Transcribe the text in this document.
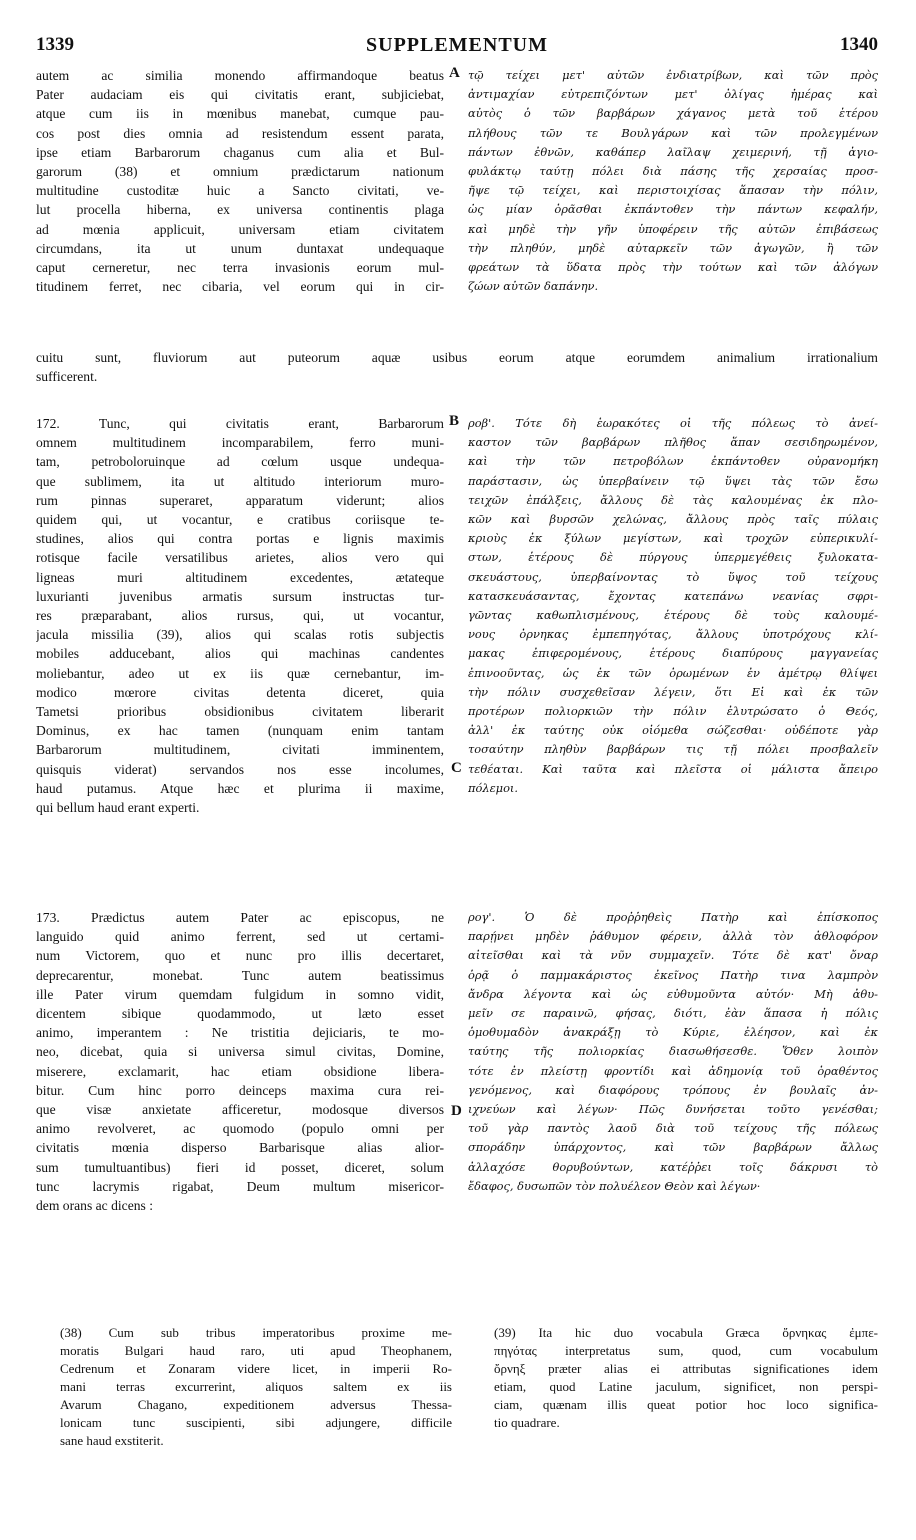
1339	SUPPLEMENTUM	1340
autem ac similia monendo affirmandoque beatus
Pater audaciam eis qui civitatis erant, subjiciebat,
atque cum iis in mœnibus manebat, cumque pau-
cos post dies omnia ad resistendum essent parata,
ipse etiam Barbarorum chaganus cum alia et Bul-
garorum (38) et omnium prædictarum nationum
multitudine custoditæ huic a Sancto civitati, ve-
lut procella hiberna, ex universa continentis plaga
ad mœnia applicuit, universam etiam civitatem
circumdans, ita ut unum duntaxat undequaque
caput cerneretur, nec terra invasionis eorum mul-
titudinem ferret, nec cibaria, vel eorum qui in cir-
A τῷ τείχει μετ' αὐτῶν ἐνδιατρίβων, καὶ τῶν πρὸς
ἀντιμαχίαν εὐτρεπιζόντων μετ' ὀλίγας ἡμέρας καὶ
αὐτὸς ὁ τῶν βαρβάρων χάγανος μετὰ τοῦ ἑτέρου
πλήθους τῶν τε Βουλγάρων καὶ τῶν προλεγμένων
πάντων ἐθνῶν, καθάπερ λαῖλαψ χειμερινή, τῇ ἁγιο-
φυλάκτῳ ταύτῃ πόλει διὰ πάσης τῆς χερσαίας προσ-
ῆψε τῷ τείχει, καὶ περιστοιχίσας ἅπασαν τὴν πόλιν,
ὡς μίαν ὁρᾶσθαι ἐκπάντοθεν τὴν πάντων κεφαλήν,
καὶ μηδὲ τὴν γῆν ὑποφέρειν τῆς αὐτῶν ἐπιβάσεως
τὴν πληθύν, μηδὲ αὐταρκεῖν τῶν ἀγωγῶν, ἢ τῶν
φρεάτων τὰ ὕδατα πρὸς τὴν τούτων καὶ τῶν ἀλόγων
ζώων αὐτῶν δαπάνην.
cuitu sunt, fluviorum aut puteorum aquæ usibus eorum atque eorumdem animalium irrationalium
sufficerent.
172. Tunc, qui civitatis erant, Barbarorum
omnem multitudinem incomparabilem, ferro muni-
tam, petroboloruinque ad cœlum usque undequa-
que sublimem, ita ut altitudo interiorum muro-
rum pinnas superaret, apparatum viderunt; alios
quidem qui, ut vocantur, e cratibus coriisque te-
studines, alios qui contra portas e lignis maximis
rotisque facile versatilibus arietes, alios vero qui
ligneas muri altitudinem excedentes, ætateque
luxurianti juvenibus armatis sursum instructas tur-
res præparabant, alios rursus, qui, ut vocantur,
jacula missilia (39), alios qui scalas rotis subjectis
mobiles adducebant, alios qui machinas candentes
moliebantur, adeo ut ex iis quæ cernebantur, im-
modico mœrore civitas detenta diceret, quia
Tametsi prioribus obsidionibus civitatem liberarit
Dominus, ex hac tamen (nunquam enim tantam
Barbarorum multitudinem, civitati imminentem,
quisquis viderat) servandos nos esse incolumes,
haud putamus. Atque hæc et plurima ii maxime,
qui bellum haud erant experti.
B
C
ροβ'. Τότε δὴ ἑωρακότες οἱ τῆς πόλεως τὸ ἀνεί-
καστον τῶν βαρβάρων πλῆθος ἅπαν σεσιδηρωμένον,
καὶ τὴν τῶν πετροβόλων ἐκπάντοθεν οὐρανομήκη
παράστασιν, ὡς ὑπερβαίνειν τῷ ὕψει τὰς τῶν ἔσω
τειχῶν ἐπάλξεις, ἄλλους δὲ τὰς καλουμένας ἐκ πλο-
κῶν καὶ βυρσῶν χελώνας, ἄλλους πρὸς ταῖς πύλαις
κριοὺς ἐκ ξύλων μεγίστων, καὶ τροχῶν εὐπερικυλί-
στων, ἑτέρους δὲ πύργους ὑπερμεγέθεις ξυλοκατα-
σκευάστους, ὑπερβαίνοντας τὸ ὕψος τοῦ τείχους
κατασκευάσαντας, ἔχοντας κατεπάνω νεανίας σφρι-
γῶντας καθωπλισμένους, ἑτέρους δὲ τοὺς καλουμέ-
νους ὀρνηκας ἐμπεπηγότας, ἄλλους ὑποτρόχους κλί-
μακας ἐπιφερομένους, ἑτέρους διαπύρους μαγγανείας
ἐπινοοῦντας, ὡς ἐκ τῶν ὁρωμένων ἐν ἀμέτρῳ θλίψει
τὴν πόλιν συσχεθεῖσαν λέγειν, ὅτι Εἰ καὶ ἐκ τῶν
προτέρων πολιορκιῶν τὴν πόλιν ἐλυτρώσατο ὁ Θεός,
ἀλλ' ἐκ ταύτης οὐκ οἰόμεθα σώζεσθαι· οὐδέποτε γὰρ
τοσαύτην πληθὺν βαρβάρων τις τῇ πόλει προσβαλεῖν
τεθέαται. Καὶ ταῦτα καὶ πλεῖστα οἱ μάλιστα ἄπειρο
πόλεμοι.
173. Prædictus autem Pater ac episcopus, ne
languido quid animo ferrent, sed ut certami-
num Victorem, quo et nunc pro illis decertaret,
deprecarentur, monebat. Tunc autem beatissimus
ille Pater virum quemdam fulgidum in somno vidit,
dicentem sibique quodammodo, ut læto esset
animo, imperantem : Ne tristitia dejiciaris, te mo-
neo, dicebat, quia si universa simul civitas, Domine,
miserere, exclamarit, hac etiam obsidione libera-
bitur. Cum hinc porro deinceps maxima cura rei-
que visæ anxietate afficeretur, modosque diversos
animo revolveret, ac quomodo (populo omni per
civitatis mœnia disperso Barbarisque alias alior-
sum tumultuantibus) fieri id posset, diceret, solum
tunc lacrymis rigabat, Deum multum misericor-
dem orans ac dicens :
D
ρογ'. Ὁ δὲ προῤῥηθεὶς Πατὴρ καὶ ἐπίσκοπος
παρῄνει μηδὲν ῥάθυμον φέρειν, ἀλλὰ τὸν ἀθλοφόρον
αἰτεῖσθαι καὶ τὰ νῦν συμμαχεῖν. Τότε δὲ κατ' ὄναρ
ὁρᾷ ὁ παμμακάριστος ἐκεῖνος Πατὴρ τινα λαμπρὸν
ἄνδρα λέγοντα καὶ ὡς εὐθυμοῦντα αὐτόν· Μὴ ἀθυ-
μεῖν σε παραινῶ, φήσας, διότι, ἐὰν ἅπασα ἡ πόλις
ὁμοθυμαδὸν ἀνακράξῃ τὸ Κύριε, ἐλέησον, καὶ ἐκ
ταύτης τῆς πολιορκίας διασωθήσεσθε. Ὅθεν λοιπὸν
τότε ἐν πλείστῃ φροντίδι καὶ ἀδημονίᾳ τοῦ ὁραθέντος
γενόμενος, καὶ διαφόρους τρόπους ἐν βουλαῖς ἀν-
ιχνεύων καὶ λέγων· Πῶς δυνήσεται τοῦτο γενέσθαι;
τοῦ γὰρ παντὸς λαοῦ διὰ τοῦ τείχους τῆς πόλεως
σποράδην ὑπάρχοντος, καὶ τῶν βαρβάρων ἄλλως
ἀλλαχόσε θορυβούντων, κατέῤῥει τοῖς δάκρυσι τὸ
ἔδαφος, δυσωπῶν τὸν πολυέλεον Θεὸν καὶ λέγων·
(38) Cum sub tribus imperatoribus proxime me-
moratis Bulgari haud raro, uti apud Theophanem,
Cedrenum et Zonaram videre licet, in imperii Ro-
mani terras excurrerint, aliquos saltem ex iis
Avarum Chagano, expeditionem adversus Thessa-
lonicam tunc suscipienti, sibi adjungere, difficile
sane haud exstiterit.
(39) Ita hic duo vocabula Græca ὄρνηκας ἐμπε-
πηγότας interpretatus sum, quod, cum vocabulum
ὄρνηξ præter alias ei attributas significationes idem
etiam, quod Latine jaculum, significet, non perspi-
ciam, quænam illis queat potior hoc loco significa-
tio quadrare.
